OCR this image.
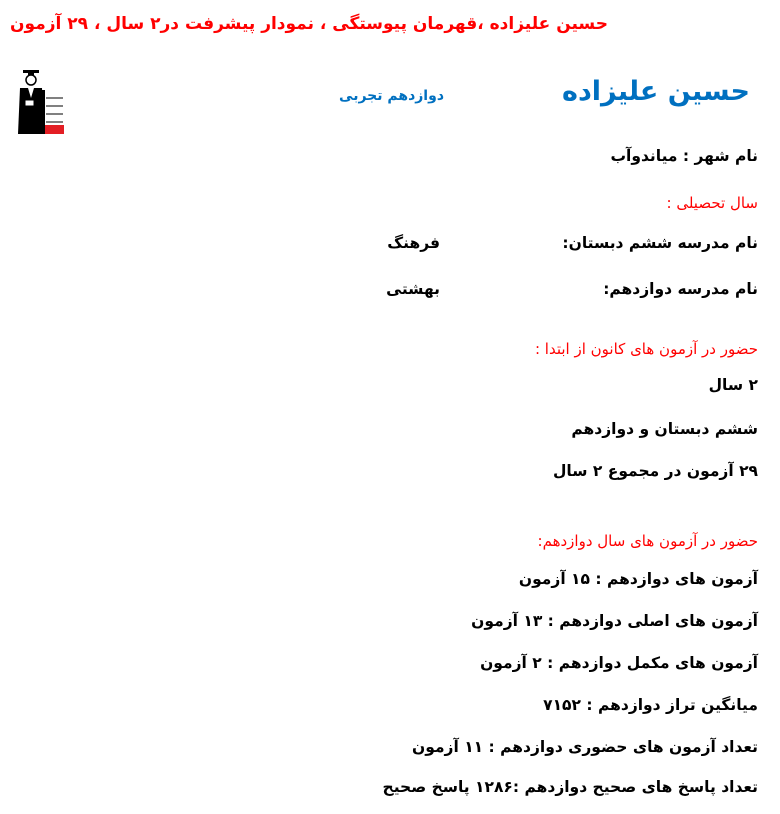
حسین علیزاده ،قهرمان پیوستگی ، نمودار پیشرفت در۲ سال ، ۲۹ آزمون
حسین علیزاده
دوازدهم تجربی
نام شهر : میاندوآب
سال تحصیلی :
نام مدرسه ششم دبستان:
فرهنگ
نام مدرسه دوازدهم:
بهشتی
حضور در آزمون های کانون از ابتدا :
۲ سال
ششم دبستان و دوازدهم
۲۹ آزمون در مجموع ۲ سال
حضور در آزمون های سال دوازدهم:
آزمون های دوازدهم : ۱۵ آزمون
آزمون های اصلی دوازدهم : ۱۳ آزمون
آزمون های مکمل دوازدهم : ۲ آزمون
میانگین تراز دوازدهم : ۷۱۵۲
تعداد آزمون های حضوری دوازدهم : ۱۱ آزمون
تعداد پاسخ های صحیح دوازدهم :۱۲۸۶ پاسخ صحیح
